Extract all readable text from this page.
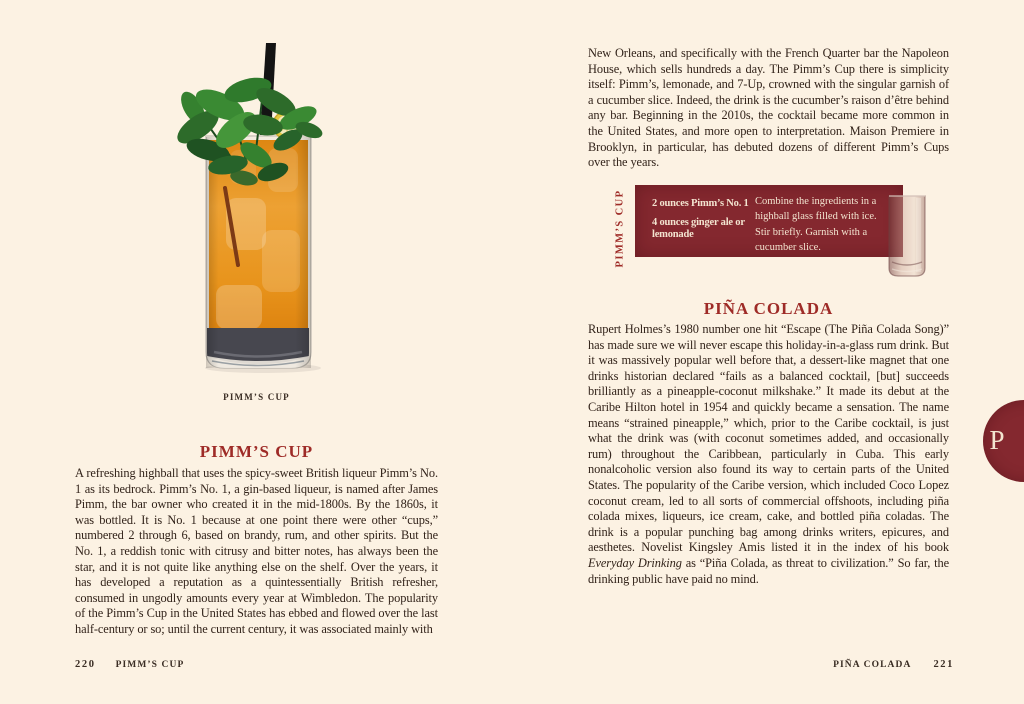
PIMM’S CUP
PIMM’S CUP
A refreshing highball that uses the spicy-sweet British liqueur Pimm’s No. 1 as its bedrock. Pimm’s No. 1, a gin-based liqueur, is named after James Pimm, the bar owner who created it in the mid-1800s. By the 1860s, it was bottled. It is No. 1 because at one point there were other “cups,” numbered 2 through 6, based on brandy, rum, and other spirits. But the No. 1, a reddish tonic with citrusy and bitter notes, has always been the star, and it is not quite like anything else on the shelf. Over the years, it has developed a reputation as a quintessentially British refresher, consumed in ungodly amounts every year at Wimbledon. The popularity of the Pimm’s Cup in the United States has ebbed and flowed over the last half-century or so; until the current century, it was associated mainly with
220 PIMM’S CUP
New Orleans, and specifically with the French Quarter bar the Napoleon House, which sells hundreds a day. The Pimm’s Cup there is simplicity itself: Pimm’s, lemonade, and 7-Up, crowned with the singular garnish of a cucumber slice. Indeed, the drink is the cucumber’s raison d’être behind any bar. Beginning in the 2010s, the cocktail became more common in the United States, and more open to interpretation. Maison Premiere in Brooklyn, in particular, has debuted dozens of different Pimm’s Cups over the years.
PIMM’S CUP	2 ounces Pimm’s No. 1
4 ounces ginger ale or lemonade
Combine the ingredients in a highball glass filled with ice. Stir briefly. Garnish with a cucumber slice.
PIÑA COLADA
Rupert Holmes’s 1980 number one hit “Escape (The Piña Colada Song)” has made sure we will never escape this holiday-in-a-glass rum drink. But it was massively popular well before that, a dessert-like magnet that one drinks historian declared “fails as a balanced cocktail, [but] succeeds brilliantly as a pineapple-coconut milkshake.” It made its debut at the Caribe Hilton hotel in 1954 and quickly became a sensation. The name means “strained pineapple,” which, prior to the Caribe cocktail, is just what the drink was (with coconut sometimes added, and occasionally rum) throughout the Caribbean, particularly in Cuba. This early nonalcoholic version also found its way to certain parts of the United States. The popularity of the Caribe version, which included Coco Lopez coconut cream, led to all sorts of commercial offshoots, including piña colada mixes, liqueurs, ice cream, cake, and bottled piña coladas. The drink is a popular punching bag among drinks writers, epicures, and aesthetes. Novelist Kingsley Amis listed it in the index of his book Everyday Drinking as “Piña Colada, as threat to civilization.” So far, the drinking public have paid no mind.
PIÑA COLADA 221
P
